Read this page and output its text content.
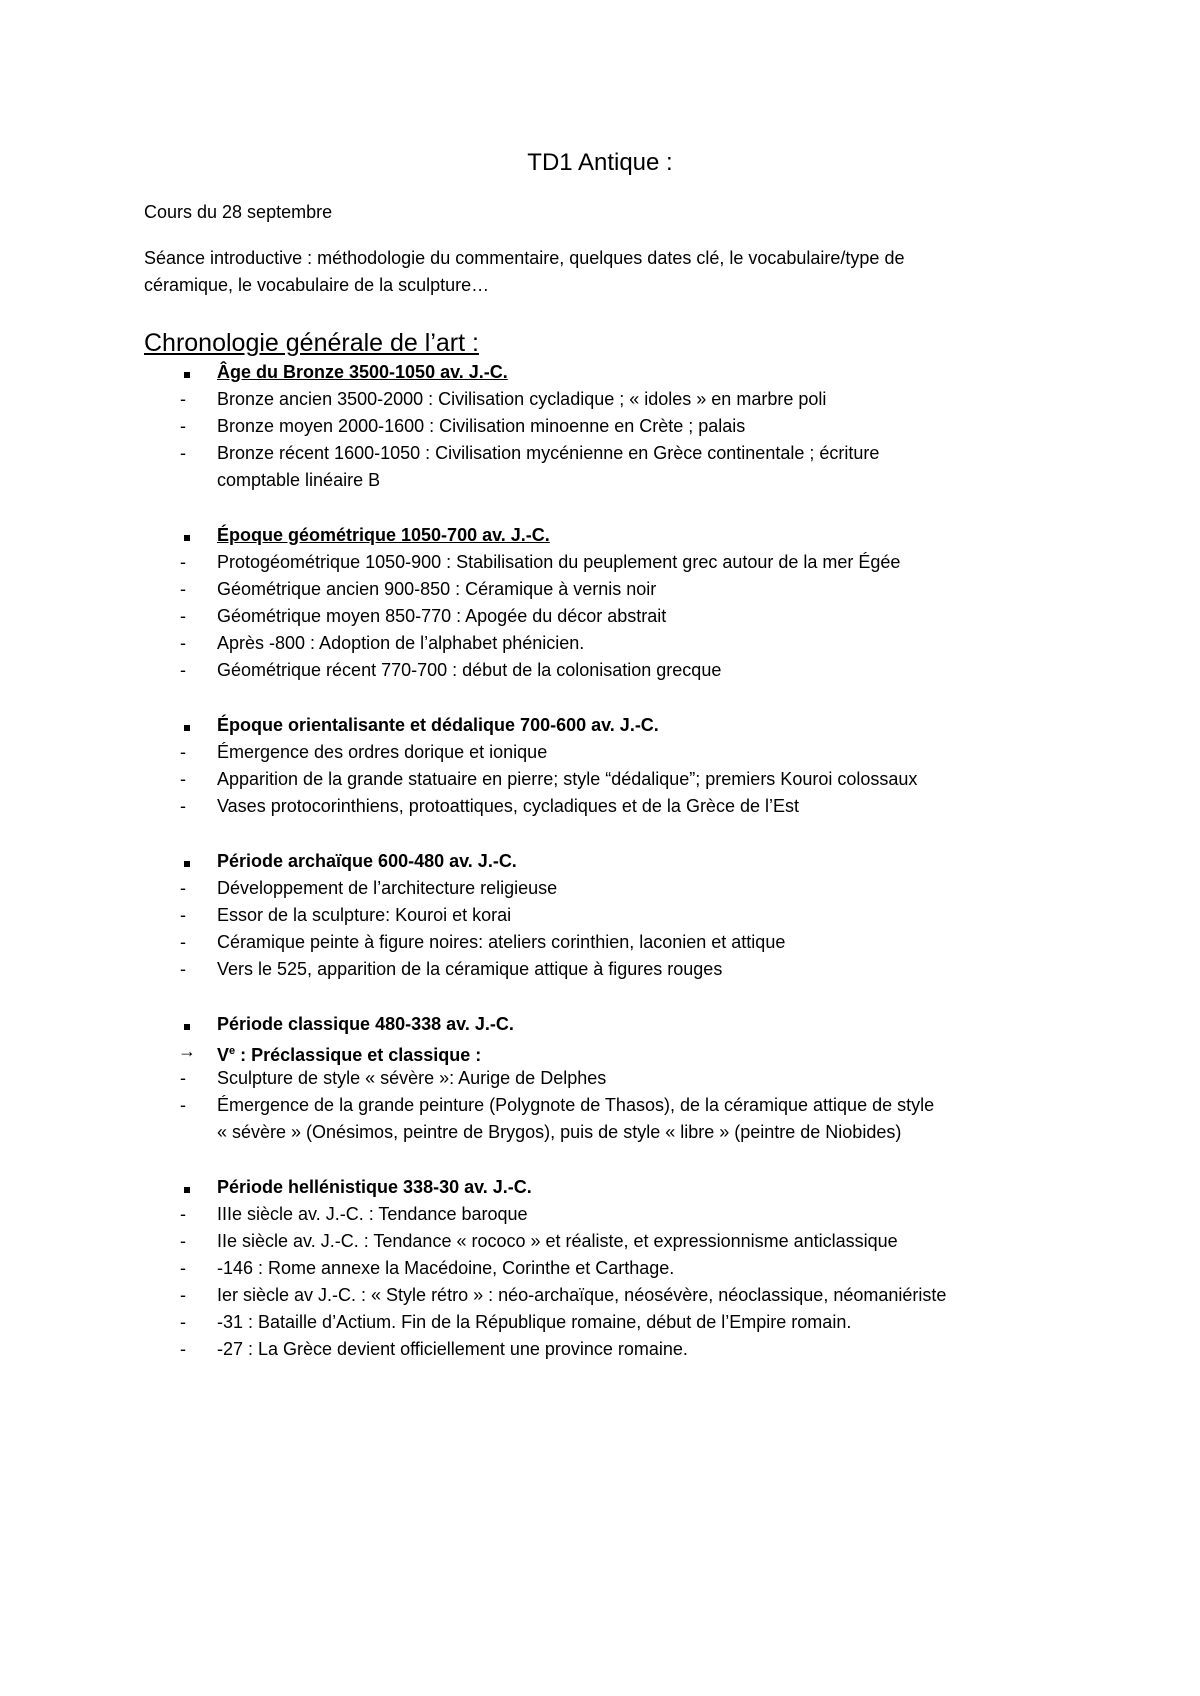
TD1 Antique :
Cours du 28 septembre
Séance introductive : méthodologie du commentaire, quelques dates clé, le vocabulaire/type de
céramique, le vocabulaire de la sculpture…
Chronologie générale de l’art :
Âge du Bronze 3500-1050 av. J.-C.
-	Bronze ancien 3500-2000 : Civilisation cycladique ; « idoles » en marbre poli
-	Bronze moyen 2000-1600 : Civilisation minoenne en Crète ; palais
-	Bronze récent 1600-1050 : Civilisation mycénienne en Grèce continentale ; écriture
comptable linéaire B
Époque géométrique 1050-700 av. J.-C.
-	Protogéométrique 1050-900 : Stabilisation du peuplement grec autour de la mer Égée
-	Géométrique ancien 900-850 : Céramique à vernis noir
-	Géométrique moyen 850-770 : Apogée du décor abstrait
-	Après -800 : Adoption de l’alphabet phénicien.
-	Géométrique récent 770-700 : début de la colonisation grecque
Époque orientalisante et dédalique 700-600 av. J.-C.
-	Émergence des ordres dorique et ionique
-	Apparition de la grande statuaire en pierre; style “dédalique”; premiers Kouroi colossaux
-	Vases protocorinthiens, protoattiques, cycladiques et de la Grèce de l’Est
Période archaïque 600-480 av. J.-C.
-	Développement de l’architecture religieuse
-	Essor de la sculpture: Kouroi et korai
-	Céramique peinte à figure noires: ateliers corinthien, laconien et attique
-	Vers le 525, apparition de la céramique attique à figures rouges
Période classique 480-338 av. J.-C.
→	$V^e$ : Préclassique et classique :
-	Sculpture de style « sévère »: Aurige de Delphes
-	Émergence de la grande peinture (Polygnote de Thasos), de la céramique attique de style
« sévère » (Onésimos, peintre de Brygos), puis de style « libre » (peintre de Niobides)
Période hellénistique 338-30 av. J.-C.
-	IIIe siècle av. J.-C. : Tendance baroque
-	IIe siècle av. J.-C. : Tendance « rococo » et réaliste, et expressionnisme anticlassique
-	-146 : Rome annexe la Macédoine, Corinthe et Carthage.
-	Ier siècle av J.-C. : « Style rétro » : néo-archaïque, néosévère, néoclassique, néomaniériste
-	-31 : Bataille d’Actium. Fin de la République romaine, début de l’Empire romain.
-	-27 : La Grèce devient officiellement une province romaine.
